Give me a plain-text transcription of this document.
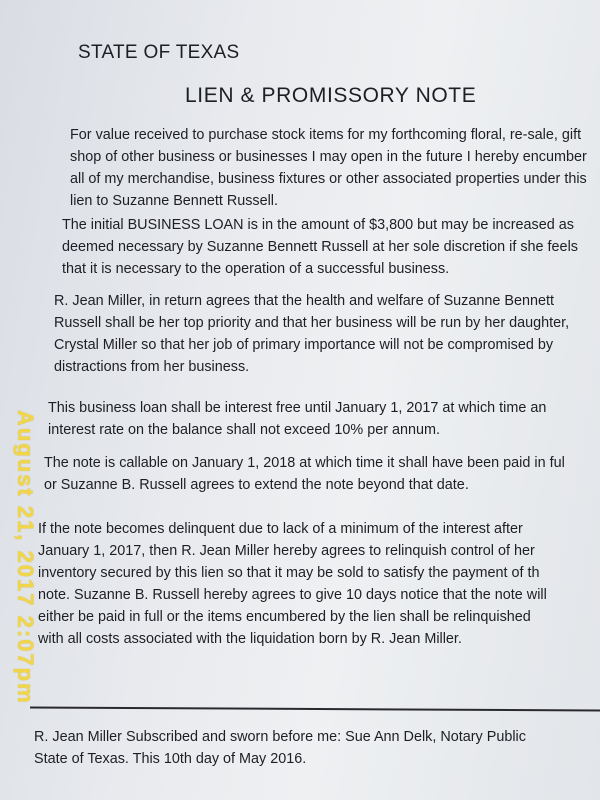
STATE OF TEXAS
LIEN & PROMISSORY NOTE
For value received to purchase stock items for my forthcoming floral, re-sale, gift
shop of other business or businesses I may open in the future I hereby encumber
all of my merchandise, business fixtures or other associated properties under this
lien to Suzanne Bennett Russell.
The initial BUSINESS LOAN is in the amount of $3,800 but may be increased as
deemed necessary by Suzanne Bennett Russell at her sole discretion if she feels
that it is necessary to the operation of a successful business.
R. Jean Miller, in return agrees that the health and welfare of Suzanne Bennett
Russell shall be her top priority and that her business will be run by her daughter,
Crystal Miller so that her job of primary importance will not be compromised by
distractions from her business.
This business loan shall be interest free until January 1, 2017 at which time an
interest rate on the balance shall not exceed 10% per annum.
The note is callable on January 1, 2018 at which time it shall have been paid in ful
or Suzanne B. Russell agrees to extend the note beyond that date.
If the note becomes delinquent due to lack of a minimum of the interest after
January 1, 2017, then R. Jean Miller hereby agrees to relinquish control of her
inventory secured by this lien so that it may be sold to satisfy the payment of th
note. Suzanne B. Russell hereby agrees to give 10 days notice that the note will
either be paid in full or the items encumbered by the lien shall be relinquished
with all costs associated with the liquidation born by R. Jean Miller.
R. Jean Miller Subscribed and sworn before me: Sue Ann Delk, Notary Public
State of Texas. This 10th day of May 2016.
August 21, 2017 2:07pm
